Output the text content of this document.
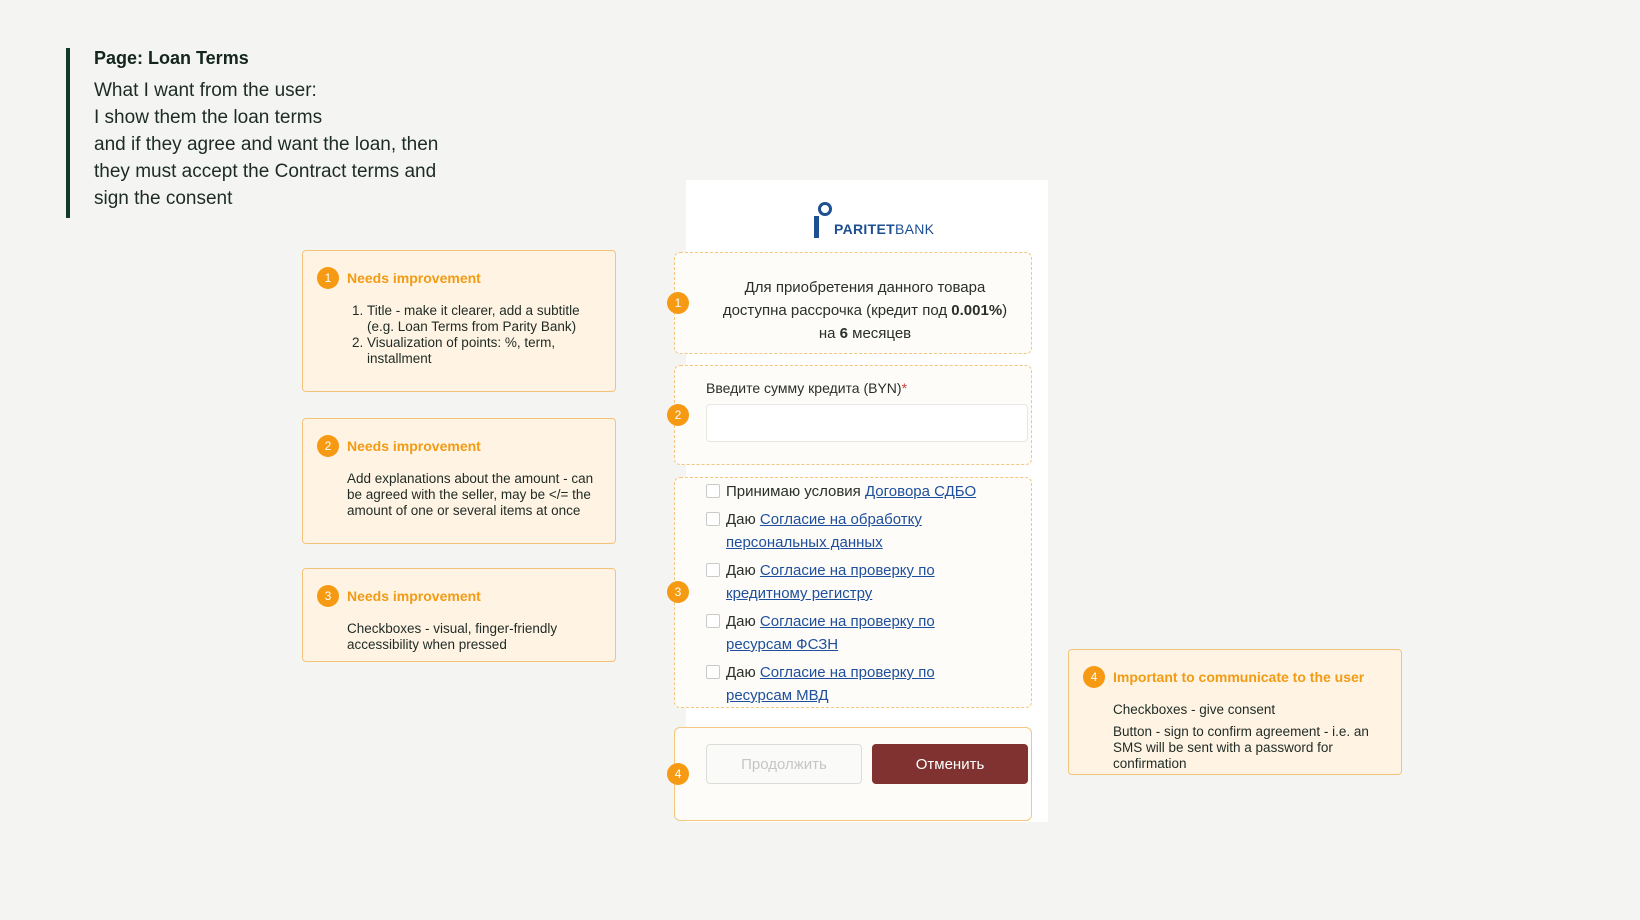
Page: Loan Terms
What I want from the user:
I show them the loan terms
and if they agree and want the loan, then
they must accept the Contract terms and
sign the consent
1	Needs improvement
1. Title - make it clearer, add a subtitle (e.g. Loan Terms from Parity Bank)
2. Visualization of points: %, term, installment
2	Needs improvement
Add explanations about the amount - can be agreed with the seller, may be </= the amount of one or several items at once
3	Needs improvement
Checkboxes - visual, finger-friendly accessibility when pressed
4	Important to communicate to the user
Checkboxes - give consent
Button - sign to confirm agreement - i.e. an SMS will be sent with a password for confirmation
PARITETBANK
1
Для приобретения данного товара
доступна рассрочка (кредит под 0.001%)
на 6 месяцев
2
Введите сумму кредита (BYN)*
3
Принимаю условия Договора СДБО
Даю Согласие на обработку персональных данных
Даю Согласие на проверку по кредитному регистру
Даю Согласие на проверку по ресурсам ФСЗН
Даю Согласие на проверку по ресурсам МВД
4
Продолжить	Отменить
